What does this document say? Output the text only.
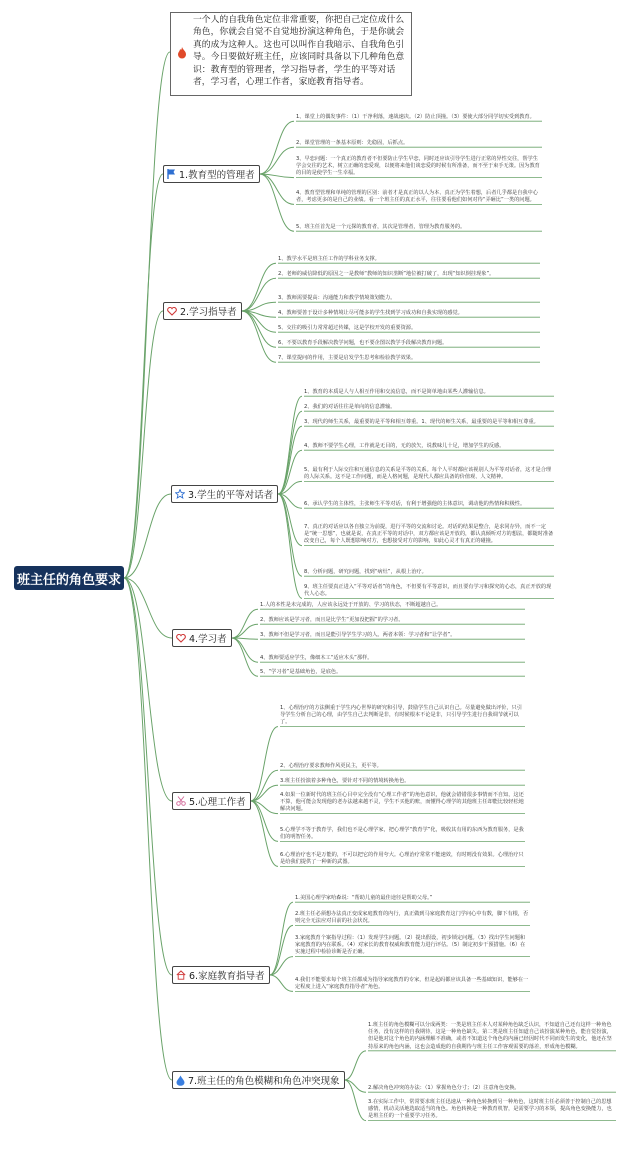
班主任的角色要求
一个人的自我角色定位非常重要，你把自己定位成什么角色，你就会自觉不自觉地扮演这种角色，于是你就会真的成为这种人。这也可以叫作自我暗示、自我角色引导。今日要做好班主任，应该同时具备以下几种角色意识：教育型的管理者，学习指导者，学生的平等对话者，学习者，心理工作者，家庭教育指导者。
1.教育型的管理者
1、课堂上的偶发事件：（1）干净利落，速战速决。（2）防止顶撞。（3）要使大部分同学切实受到教育。
2、课堂管理的一条基本原则：先稳固，后抓点。
3、早恋问题：一个真正的教育者不但要防止学生早恋，同时还应该引导学生进行正常的异性交往，帮学生学会交往的艺术，树立正确的恋爱观，以便将来他们谈恋爱的时候有所准备，而不至于束手无策。因为教育的目的是使学生一生幸福。
4、教育型管理和单纯的管理的区别：前者才是真正的以人为本、真正为学生着想，后者几乎都是自我中心者，考虑更多的是自己的业绩。看一个班主任的真正水平，往往要看他们如何对待“弄砸比”一类的问题。
5、班主任首先是一个元探的教育者，其次是管理者，管理为教育服务的。
2.学习指导者
1、教学水平是班主任工作的学科业务支撑。
2、老师的威信降低的原因之一是教师“教师的知识垄断”地位被打破了，出现“知识倒挂现象”。
3、教师需要提高：沟通能力和教学情境策划能力。
4、教师要善于设计多种情境让尽可能多的学生找到学习成功和自我实现的感觉。
5、交往的吸引力常常超过传媒，这是学校开发的重要资源。
6、不要以教育手段解决教学问题，也不要企图以教学手段解决教育问题。
7、课堂提问的作用，主要是启发学生思考和检验教学效果。
3.学生的平等对话者
1、教育的本质是人与人相互作用和交流信息，而不是简单地由某些人灌输信息。
2、我们的对话往往是单向的信息灌输。
3、现代的师生关系，最重要的是平等和相互尊重。1、现代的师生关系，最重要的是平等和相互尊重。
4、教师不要学生心理，工作就是无目的，无的放矢，说教味儿十足，增加学生的反感。
5、最有利于人际交往和互通信息的关系是平等的关系。每个人平时都应该视别人为平等对话者，这才是合理的人际关系。这不是工作问题，而是人格问题，是现代人都应具备的价值观、人文精神。
6、承认学生的主体性，主张师生平等对话，有利于增强他的主体意识，调动他的热情和积极性。
7、真正的对话应以各自独立为前提，进行平等的交流和讨论。对话的结果是整合，是求同存异，而不一定是“统一思想”，也就是说，在真正平等的对话中，双方都应该是开放的，都认真倾听对方的想法，都随时准备改变自己，每个人既想影响对方，也想接受对方的影响，如此心灵才有真正的碰撞。
8、分析问题，研究问题，找到“病灶”，从根上治疗。
9、班主任要真正进入“平等对话者”的角色，不但要有平等意识，而且要有学习和探究的心态，真正开放的现代人心态。
4.学习者
1.人的本性是未完成的，人应该永远处于开放的、学习的状态，不断超越自己。
2、教师应该是学习者，而且是比学生“更加没把握”的学习者。
3、教师不但是学习者，而且是能引导学生学习的人。两者本领：学习者和“让学者”。
4、教师要适应学生，像细木工“适应木头”那样。
5、“学习者”是基础角色，是底色。
5.心理工作者
1、心理治疗的方法侧重于学生内心世界的研究和引导，鼓励学生自己认识自己。尽量避免做出评价，只引导学生分析自己的心理，由学生自己去判断是非，有时候根本不论是非，只引导学生进行自我调节就可以了。
2、心理治疗要求教师作风更民主，更平等。
3.班主任扮演着多种角色，要针对不同的情境转换角色。
4.如果一位新时代的班主任心目中完全没有“心理工作者”的角色意识，他就会错错很多事情而不自知，这还不算，他可能会发现他的老办法越来越不灵，学生不买他的账，而懂得心理学的其他班主任却能比较轻松地解决问题。
5.心理学不等于教育学，我们也不是心理学家，把心理学“教育学”化，吸收其有用的东西为教育服务，是我们的明智任务。
6.心理治疗也不是万能的，不可以把它的作用夸大。心理治疗常常不能速效，有时则没有效果。心理治疗只是给我们提供了一种新的武器。
6.家庭教育指导者
1.美国心理学家哈森说：“帮助儿童的最佳途径是帮助父母。”
2.班主任必须想办法真正变成家庭教育的内行，真正做到马家庭教育这门学问心中有数，脚下有根，否则完全无法应对目前的社会状况。
3.家庭教育个案指导过程：（1）发现学生问题。（2）提出假设，初步锁定问题。（3）找出学生问题和家庭教育的内在联系。（4）对家长的教育权威和教育能力进行评估。（5）制定初步干预措施。（6）在实施过程中检验诊断是否正确。
4.我们不能要求每个班主任都成为指导家庭教育的专家，但是起码都应该具备一些基础知识，能够在一定程度上进入“家庭教育指导者”角色。
7.班主任的角色模糊和角色冲突现象
1.班主任的角色模糊可以分成两类：一类是班主任本人对某种角色缺乏认识，不知道自己还有这样一种角色任务，没有这样的自我期待，这是一种角色缺失。第二类是班主任知道自己该扮演某种角色，能自觉扮演，但是他对这个角色的内涵理解不准确，或者不知道这个角色的内涵已经因时代不同而发生的变化，他还在坚持原来的角色内涵，这也会造成他的自我期待与班主任工作客观需要的落差，形成角色模糊。
2.解决角色冲突的办法：（1）掌握角色分寸；（2）注意角色变换。
3.在实际工作中，常常要求班主任迅速从一种角色转换到另一种角色，这时班主任必须善于控制自己的思想感情，机动灵活地选取适当的角色。角色转换是一种教育机智，是需要学习的本领，提高角色变换能力，也是班主任的一个重要学习任务。
